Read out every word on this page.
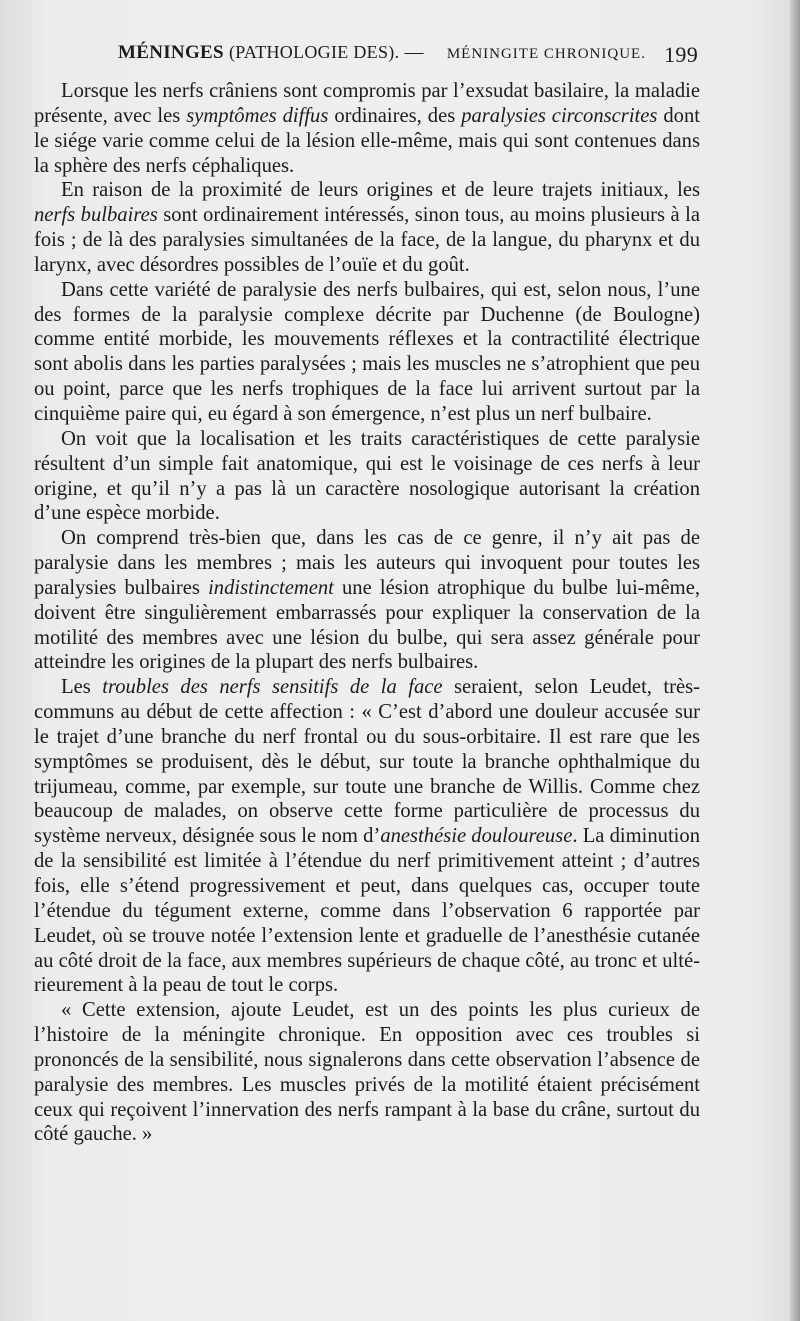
MÉNINGES (PATHOLOGIE DES). — MÉNINGITE CHRONIQUE. 199

Lorsque les nerfs crâniens sont compromis par l’exsudat basilaire, la maladie présente, avec les symptômes diffus ordinaires, des paralysies circonscrites dont le siége varie comme celui de la lésion elle-même, mais qui sont contenues dans la sphère des nerfs céphaliques.

En raison de la proximité de leurs origines et de leure trajets initiaux, les nerfs bulbaires sont ordinairement intéressés, sinon tous, au moins plusieurs à la fois ; de là des paralysies simultanées de la face, de la langue, du pharynx et du larynx, avec désordres possibles de l’ouïe et du goût.

Dans cette variété de paralysie des nerfs bulbaires, qui est, selon nous, l’une des formes de la paralysie complexe décrite par Duchenne (de Boulogne) comme entité morbide, les mouvements réflexes et la contractilité électrique sont abolis dans les parties paralysées ; mais les muscles ne s’atrophient que peu ou point, parce que les nerfs trophiques de la face lui arrivent surtout par la cinquième paire qui, eu égard à son émergence, n’est plus un nerf bulbaire.

On voit que la localisation et les traits caractéristiques de cette paralysie résultent d’un simple fait anatomique, qui est le voisinage de ces nerfs à leur origine, et qu’il n’y a pas là un caractère nosologique autorisant la création d’une espèce morbide.

On comprend très-bien que, dans les cas de ce genre, il n’y ait pas de paralysie dans les membres ; mais les auteurs qui invoquent pour toutes les paralysies bulbaires indistinctement une lésion atrophique du bulbe lui-même, doivent être singulièrement embarrassés pour expliquer la conservation de la motilité des membres avec une lésion du bulbe, qui sera assez générale pour atteindre les origines de la plupart des nerfs bulbaires.

Les troubles des nerfs sensitifs de la face seraient, selon Leudet, très-communs au début de cette affection : « C’est d’abord une douleur accusée sur le trajet d’une branche du nerf frontal ou du sous-orbitaire. Il est rare que les symptômes se produisent, dès le début, sur toute la branche ophthalmique du trijumeau, comme, par exemple, sur toute une branche de Willis. Comme chez beaucoup de malades, on observe cette forme particulière de processus du système nerveux, désignée sous le nom d’anesthésie douloureuse. La diminution de la sensibilité est limitée à l’étendue du nerf primitivement atteint ; d’autres fois, elle s’étend progressivement et peut, dans quelques cas, occuper toute l’étendue du tégument externe, comme dans l’observation 6 rapportée par Leudet, où se trouve notée l’extension lente et graduelle de l’anesthésie cutanée au côté droit de la face, aux membres supérieurs de chaque côté, au tronc et ultérieurement à la peau de tout le corps.

« Cette extension, ajoute Leudet, est un des points les plus curieux de l’histoire de la méningite chronique. En opposition avec ces troubles si prononcés de la sensibilité, nous signalerons dans cette observation l’absence de paralysie des membres. Les muscles privés de la motilité étaient précisément ceux qui reçoivent l’innervation des nerfs rampant à la base du crâne, surtout du côté gauche. »
